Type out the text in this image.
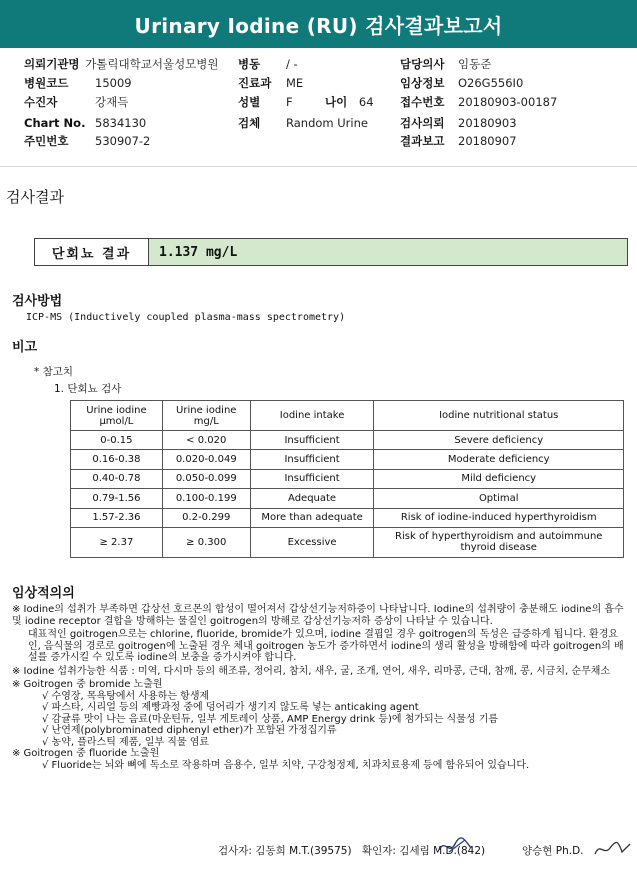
Urinary Iodine (RU) 검사결과보고서
의뢰기관명 가톨릭대학교서울성모병원
병원코드 15009
수진자	강재득
Chart No. 5834130
주민번호 530907-2
병동 / -
진료과 ME
성별 F	나이 64
검체 Random Urine
담당의사 임동준
임상정보 O26G556I0
접수번호 20180903-00187
검사의뢰 20180903
결과보고 20180907
검사결과
단회뇨 결과	1.137 mg/L
검사방법
ICP-MS (Inductively coupled plasma-mass spectrometry)
비고
* 참고치
1. 단회뇨 검사
Urine iodine μmol/L	Urine iodine mg/L	Iodine intake	Iodine nutritional status
0-0.15	< 0.020	Insufficient	Severe deficiency
0.16-0.38	0.020-0.049	Insufficient	Moderate deficiency
0.40-0.78	0.050-0.099	Insufficient	Mild deficiency
0.79-1.56	0.100-0.199	Adequate	Optimal
1.57-2.36	0.2-0.299	More than adequate	Risk of iodine-induced hyperthyroidism
≥ 2.37	≥ 0.300	Excessive	Risk of hyperthyroidism and autoimmune thyroid disease
임상적의의
※ Iodine의 섭취가 부족하면 갑상선 호르몬의 합성이 떨어져서 갑상선기능저하증이 나타납니다. Iodine의 섭취량이 충분해도 iodine의 흡수 및 iodine receptor 결합을 방해하는 물질인 goitrogen의 방해로 갑상선기능저하 증상이 나타날 수 있습니다.
대표적인 goitrogen으로는 chlorine, fluoride, bromide가 있으며, iodine 결핍일 경우 goitrogen의 독성은 급증하게 됩니다. 환경요인, 음식물의 경로로 goitrogen에 노출된 경우 체내 goitrogen 농도가 증가하면서 iodine의 생리 활성을 방해함에 따라 goitrogen의 배설를 증가시킬 수 있도록 iodine의 보충을 증가시켜야 합니다.
※ Iodine 섭취가능한 식품 : 미역, 다시마 등의 해조류, 정어리, 참치, 새우, 굴, 조개, 연어, 새우, 리마콩, 근대, 참깨, 콩, 시금치, 순무채소
※ Goitrogen 중 bromide 노출원
√ 수영장, 목욕탕에서 사용하는 항생제
√ 파스타, 시리얼 등의 제빵과정 중에 덩어리가 생기지 않도록 넣는 anticaking agent
√ 감귤류 맛이 나는 음료(마운틴듀, 일부 게토레이 상품, AMP Energy drink 등)에 첨가되는 식물성 기름
√ 난연제(polybrominated diphenyl ether)가 포함된 가정집기류
√ 농약, 플라스틱 제품, 일부 직물 염료
※ Goitrogen 중 fluoride 노출원
√ Fluoride는 뇌와 뼈에 독소로 작용하며 음용수, 일부 치약, 구강청정제, 치과치료용제 등에 함유되어 있습니다.
검사자: 김동희 M.T.(39575) 확인자: 김세림 M.D.(842)	양승현 Ph.D.
